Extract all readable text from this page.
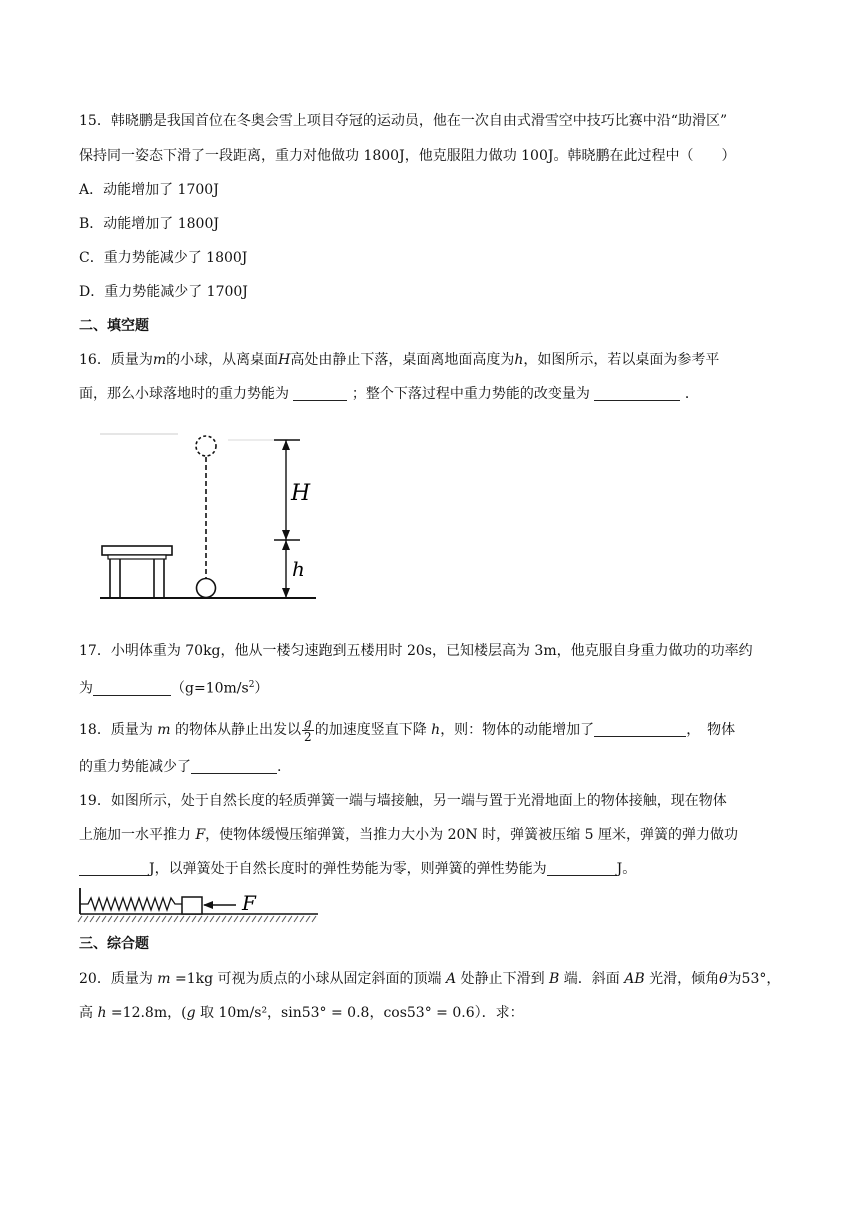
15．韩晓鹏是我国首位在冬奥会雪上项目夺冠的运动员，他在一次自由式滑雪空中技巧比赛中沿“助滑区”
保持同一姿态下滑了一段距离，重力对他做功 1800J，他克服阻力做功 100J。韩晓鹏在此过程中（　　）
A．动能增加了 1700J
B．动能增加了 1800J
C．重力势能减少了 1800J
D．重力势能减少了 1700J
二、填空题
16．质量为m的小球，从离桌面H高处由静止下落，桌面离地面高度为h，如图所示，若以桌面为参考平
面，那么小球落地时的重力势能为	；整个下落过程中重力势能的改变量为	．
H
h
17．小明体重为 70kg，他从一楼匀速跑到五楼用时 20s，已知楼层高为 3m，他克服自身重力做功的功率约
为	$(g=10m/s^2)$
18．质量为 m 的物体从静止出发以 $\frac{g}{2}$ 的加速度竖直下降 h，则：物体的动能增加了	，　物体
的重力势能减少了	.
19．如图所示，处于自然长度的轻质弹簧一端与墙接触，另一端与置于光滑地面上的物体接触，现在物体
上施加一水平推力 F，使物体缓慢压缩弹簧，当推力大小为 20N 时，弹簧被压缩 5 厘米，弹簧的弹力做功
J，以弹簧处于自然长度时的弹性势能为零，则弹簧的弹性势能为	J。
F
三、综合题
20．质量为 m =1kg 可视为质点的小球从固定斜面的顶端 A 处静止下滑到 B 端．斜面 AB 光滑，倾角θ为53°，
高 h =12.8m，(g 取 10m/s²，sin53° = 0.8，cos53° = 0.6）．求：
